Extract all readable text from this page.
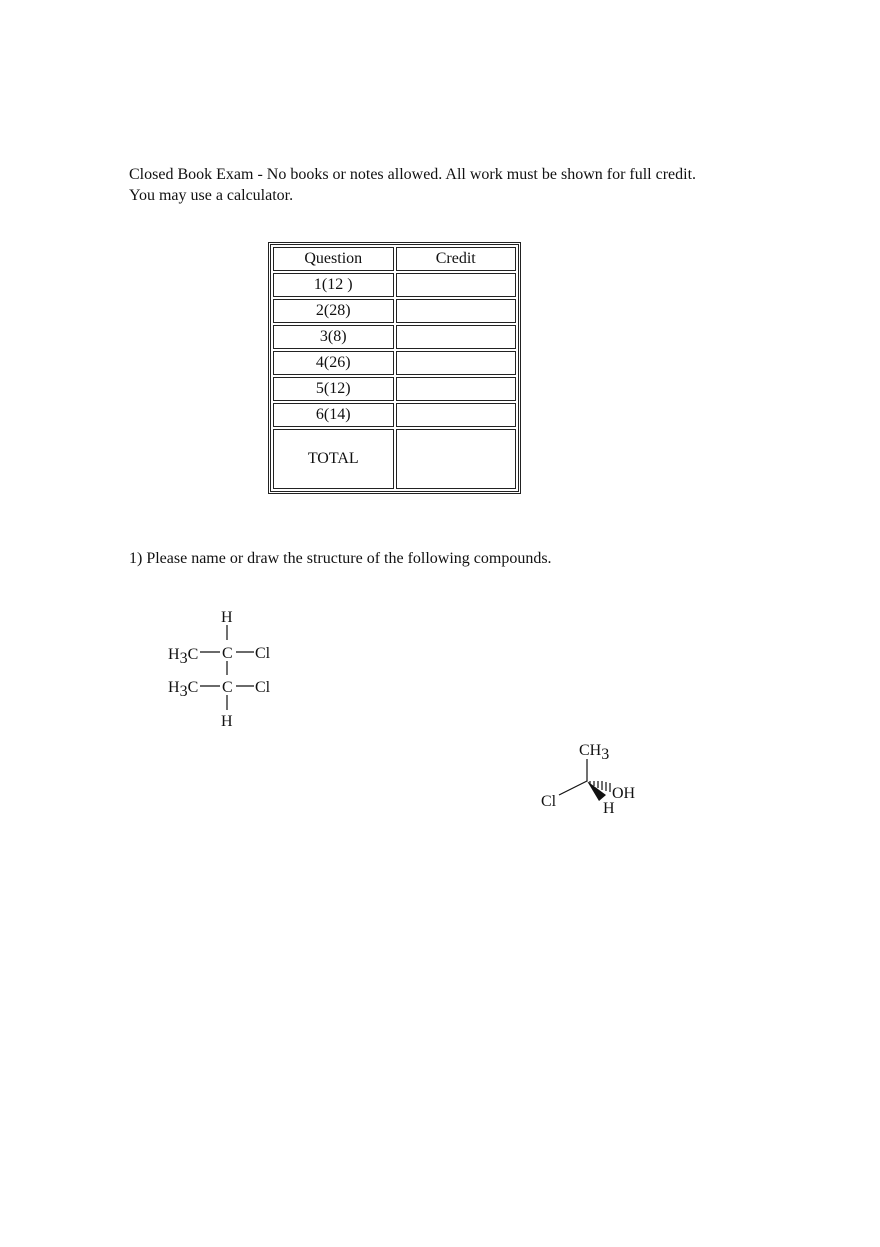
Closed Book Exam - No books or notes allowed. All work must be shown for full credit.
You may use a calculator.
Question	Credit
1(12 )	
2(28)	
3(8)	
4(26)	
5(12)	
6(14)	
TOTAL	
1) Please name or draw the structure of the following compounds.
H
H3C C Cl
H3C C Cl
H
CH3
Cl	OH
H
